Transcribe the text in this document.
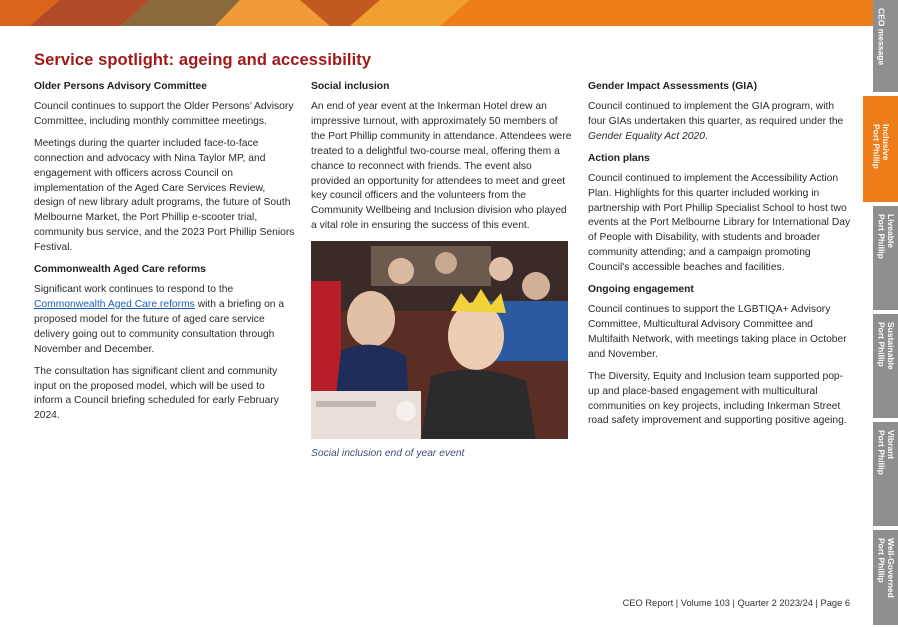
Service spotlight: ageing and accessibility
Older Persons Advisory Committee

Council continues to support the Older Persons’ Advisory Committee, including monthly committee meetings.

Meetings during the quarter included face-to-face connection and advocacy with Nina Taylor MP, and engagement with officers across Council on implementation of the Aged Care Services Review, design of new library adult programs, the future of South Melbourne Market, the Port Phillip e-scooter trial, community bus service, and the 2023 Port Phillip Seniors Festival.

Commonwealth Aged Care reforms

Significant work continues to respond to the Commonwealth Aged Care reforms with a briefing on a proposed model for the future of aged care service delivery going out to community consultation through November and December.

The consultation has significant client and community input on the proposed model, which will be used to inform a Council briefing scheduled for early February 2024.

Social inclusion

An end of year event at the Inkerman Hotel drew an impressive turnout, with approximately 50 members of the Port Phillip community in attendance. Attendees were treated to a delightful two-course meal, offering them a chance to reconnect with friends. The event also provided an opportunity for attendees to meet and greet key council officers and the volunteers from the Community Wellbeing and Inclusion division who played a vital role in ensuring the success of this event.

Social inclusion end of year event
Gender Impact Assessments (GIA)

Council continued to implement the GIA program, with four GIAs undertaken this quarter, as required under the Gender Equality Act 2020.

Action plans

Council continued to implement the Accessibility Action Plan. Highlights for this quarter included working in partnership with Port Phillip Specialist School to host two events at the Port Melbourne Library for International Day of People with Disability, with students and broader community attending; and a campaign promoting Council's accessible beaches and facilities.

Ongoing engagement

Council continues to support the LGBTIQA+ Advisory Committee, Multicultural Advisory Committee and Multifaith Network, with meetings taking place in October and November.

The Diversity, Equity and Inclusion team supported pop-up and place-based engagement with multicultural communities on key projects, including Inkerman Street road safety improvement and supporting positive ageing.

CEO Report | Volume 103 | Quarter 2 2023/24 | Page 6
CEO message
Inclusive
Port Phillip
Liveable
Port Phillip
Sustainable
Port Phillip
Vibrant
Port Phillip
Well-Governed
Port Phillip
